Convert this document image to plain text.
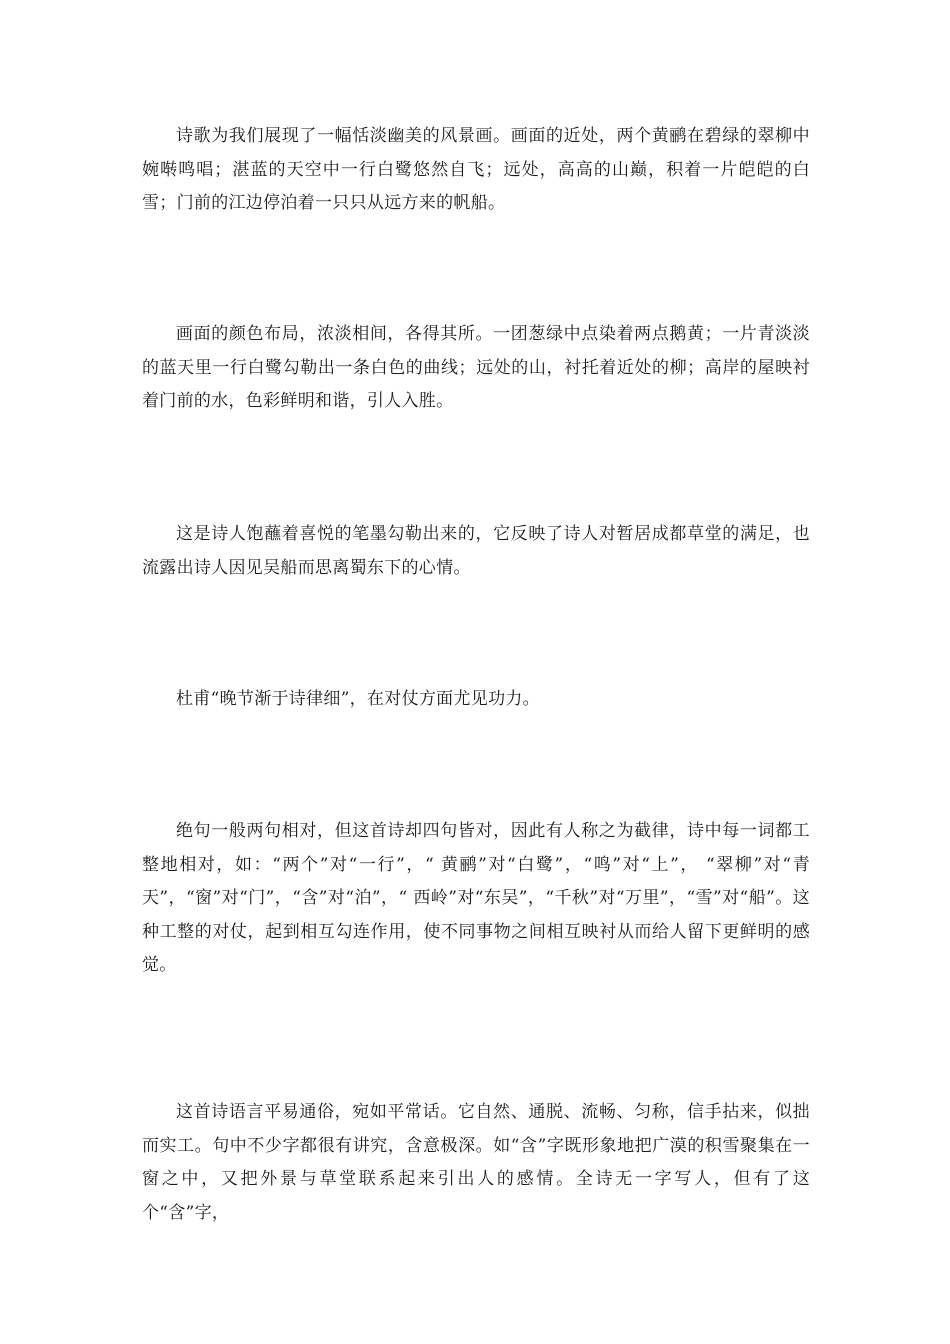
诗歌为我们展现了一幅恬淡幽美的风景画。画面的近处，两个黄鹂在碧绿的翠柳中婉啭鸣唱；湛蓝的天空中一行白鹭悠然自飞；远处，高高的山巅，积着一片皑皑的白雪；门前的江边停泊着一只只从远方来的帆船。

画面的颜色布局，浓淡相间，各得其所。一团葱绿中点染着两点鹅黄；一片青淡淡的蓝天里一行白鹭勾勒出一条白色的曲线；远处的山，衬托着近处的柳；高岸的屋映衬着门前的水，色彩鲜明和谐，引人入胜。

这是诗人饱蘸着喜悦的笔墨勾勒出来的，它反映了诗人对暂居成都草堂的满足，也流露出诗人因见吴船而思离蜀东下的心情。

杜甫“晚节渐于诗律细”，在对仗方面尤见功力。

绝句一般两句相对，但这首诗却四句皆对，因此有人称之为截律，诗中每一词都工整地相对，如：“两个”对“一行”，“ 黄鹂”对“白鹭”，“鸣”对“上”， “翠柳”对“青天”，“窗”对“门”，“含”对“泊”，“ 西岭”对“东吴”，“千秋”对“万里”，“雪”对“船”。这种工整的对仗，起到相互勾连作用，使不同事物之间相互映衬从而给人留下更鲜明的感觉。

这首诗语言平易通俗，宛如平常话。它自然、通脱、流畅、匀称，信手拈来，似拙而实工。句中不少字都很有讲究，含意极深。如“含”字既形象地把广漠的积雪聚集在一窗之中，又把外景与草堂联系起来引出人的感情。全诗无一字写人，但有了这个“含”字，
